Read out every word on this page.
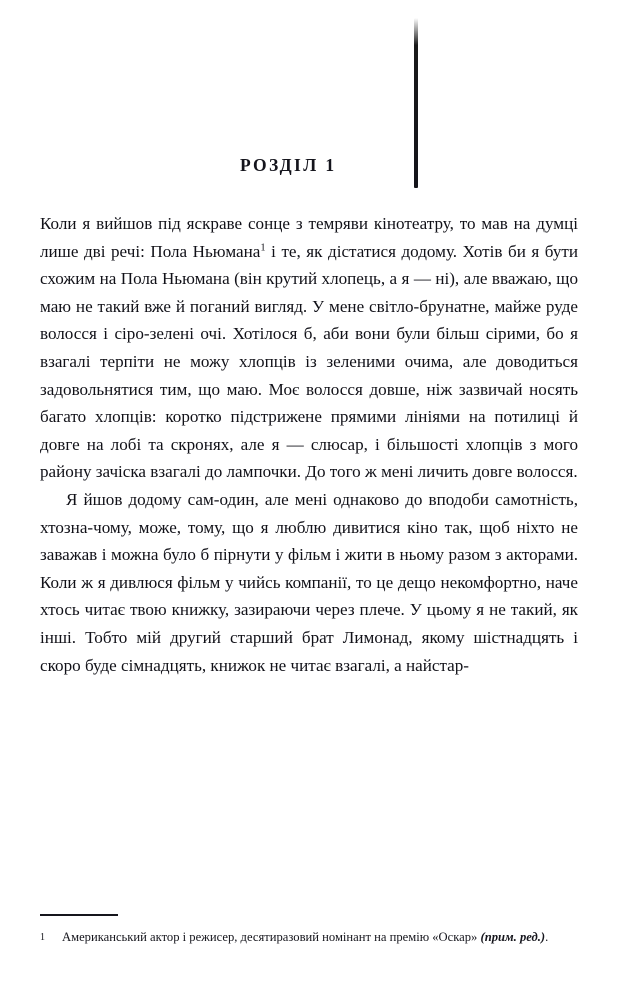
РОЗДІЛ 1

Коли я вийшов під яскраве сонце з темряви кінотеатру, то мав на думці лише дві речі: Пола Ньюмана$^1$ і те, як дістатися додому. Хотів би я бути схожим на Пола Ньюмана (він крутий хлопець, а я — ні), але вважаю, що маю не такий вже й поганий вигляд. У мене світло-брунатне, майже руде волосся і сіро-зелені очі. Хотілося б, аби вони були більш сірими, бо я взагалі терпіти не можу хлопців із зеленими очима, але доводиться задовольнятися тим, що маю. Моє волосся довше, ніж зазвичай носять багато хлопців: коротко підстрижене прямими лініями на потилиці й довге на лобі та скронях, але я — слюсар, і більшості хлопців з мого району зачіска взагалі до лампочки. До того ж мені личить довге волосся.

Я йшов додому сам-один, але мені однаково до вподоби самотність, хтозна-чому, може, тому, що я люблю дивитися кіно так, щоб ніхто не заважав і можна було б пірнути у фільм і жити в ньому разом з акторами. Коли ж я дивлюся фільм у чийсь компанії, то це дещо некомфортно, наче хтось читає твою книжку, зазираючи через плече. У цьому я не такий, як інші. Тобто мій другий старший брат Лимонад, якому шістнадцять і скоро буде сімнадцять, книжок не читає взагалі, а найстар-

1	Американський актор і режисер, десятиразовий номінант на премію «Оскар» (прим. ред.).
